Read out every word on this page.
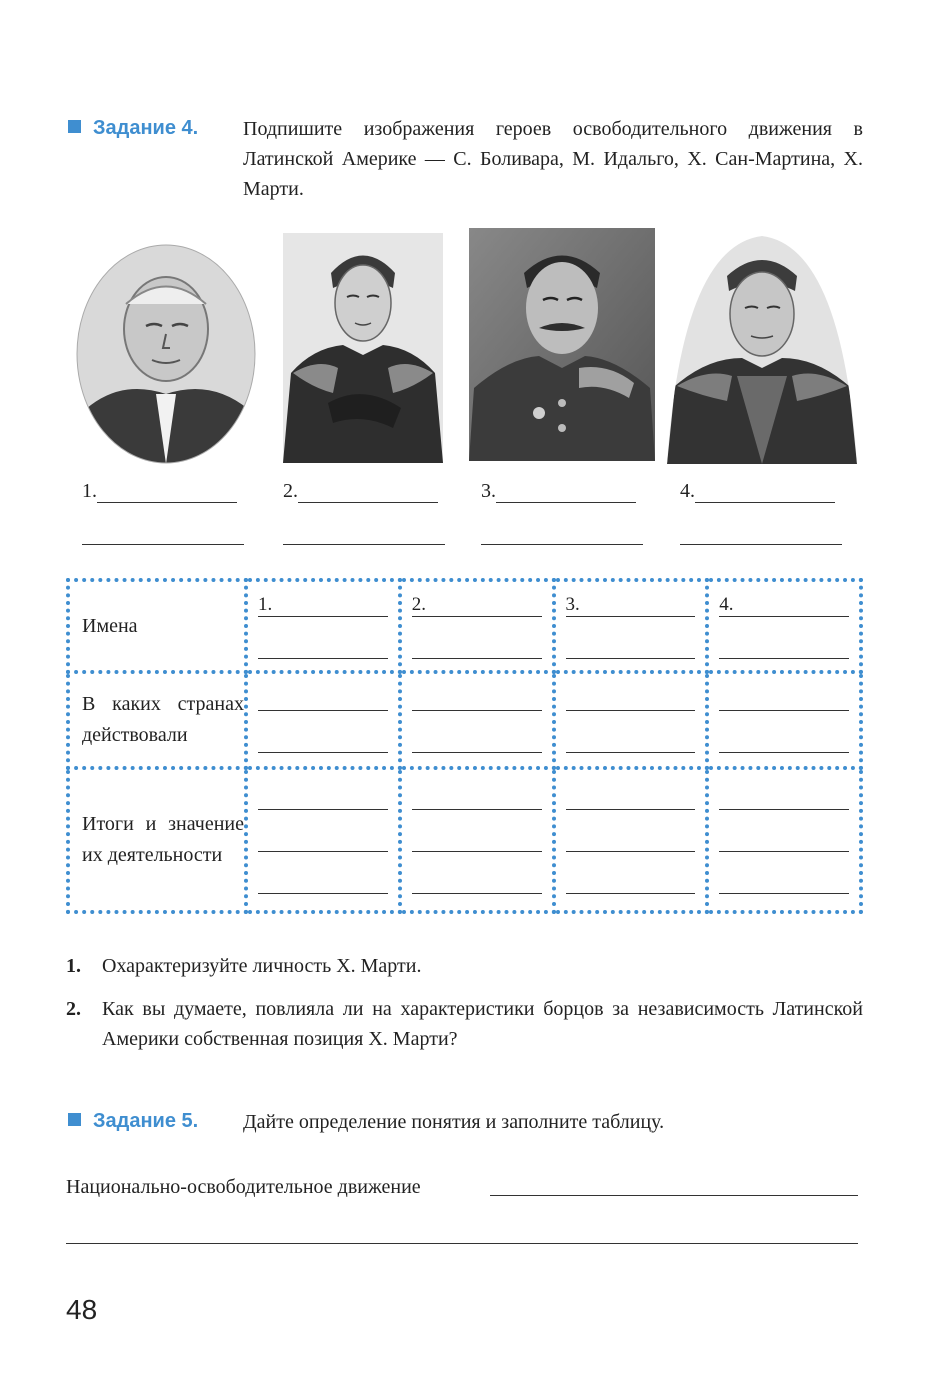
Задание 4. Подпишите изображения героев освободительного движения в Латинской Америке — С. Боливара, М. Идальго, Х. Сан-Мартина, Х. Марти.
1.	2.	3.	4.
Имена	1.	2.	3.	4.

В каких странах действовали	

Итоги и значение их деятельности	

1. Охарактеризуйте личность Х. Марти.
2. Как вы думаете, повлияла ли на характеристики борцов за независимость Латинской Америки собственная позиция Х. Марти?
Задание 5. Дайте определение понятия и заполните таблицу.
Национально-освободительное движение
48
